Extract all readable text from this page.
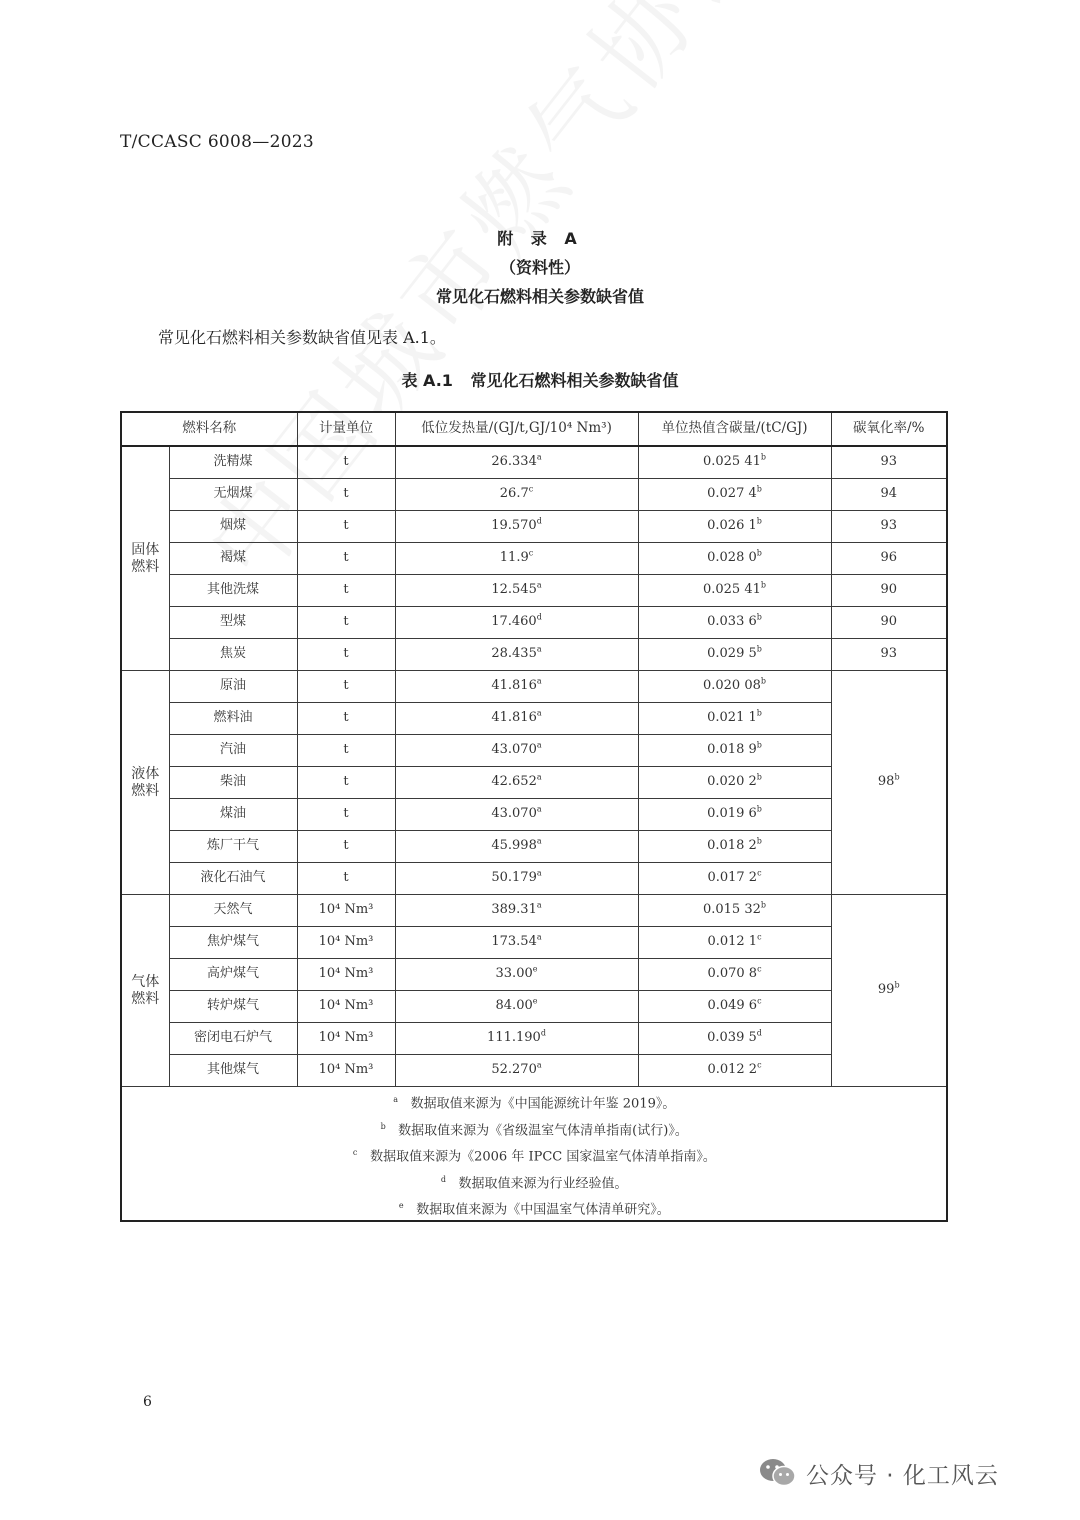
T/CCASC 6008—2023
附 录 A
（资料性）
常见化石燃料相关参数缺省值
常见化石燃料相关参数缺省值见表 A.1。
表 A.1 常见化石燃料相关参数缺省值
燃料名称		计量单位	低位发热量/(GJ/t,GJ/10⁴ Nm³)	单位热值含碳量/(tC/GJ)	碳氧化率/%

固体
燃料	洗精煤	t	26.334$^a$	0.025 41$^b$	93
	无烟煤	t	26.7$^c$	0.027 4$^b$	94
	烟煤	t	19.570$^d$	0.026 1$^b$	93
	褐煤	t	11.9$^c$	0.028 0$^b$	96
	其他洗煤	t	12.545$^a$	0.025 41$^b$	90
	型煤	t	17.460$^d$	0.033 6$^b$	90
	焦炭	t	28.435$^a$	0.029 5$^b$	93

液体
燃料	原油	t	41.816$^a$	0.020 08$^b$	98$^b$
	燃料油	t	41.816$^a$	0.021 1$^b$
	汽油	t	43.070$^a$	0.018 9$^b$
	柴油	t	42.652$^a$	0.020 2$^b$
	煤油	t	43.070$^a$	0.019 6$^b$
	炼厂干气	t	45.998$^a$	0.018 2$^b$
	液化石油气	t	50.179$^a$	0.017 2$^c$

气体
燃料	天然气	10⁴ Nm³	389.31$^a$	0.015 32$^b$	99$^b$
	焦炉煤气	10⁴ Nm³	173.54$^a$	0.012 1$^c$
	高炉煤气	10⁴ Nm³	33.00e	0.070 8$^c$
	转炉煤气	10⁴ Nm³	84.00e	0.049 6$^c$
	密闭电石炉气	10⁴ Nm³	111.190$^d$	0.039 5$^d$
	其他煤气	10⁴ Nm³	52.270$^a$	0.012 2$^c$

a 数据取值来源为《中国能源统计年鉴 2019》。
b 数据取值来源为《省级温室气体清单指南(试行)》。
c 数据取值来源为《2006 年 IPCC 国家温室气体清单指南》。
d 数据取值来源为行业经验值。
e 数据取值来源为《中国温室气体清单研究》。					
6
公众号 · 化工风云
